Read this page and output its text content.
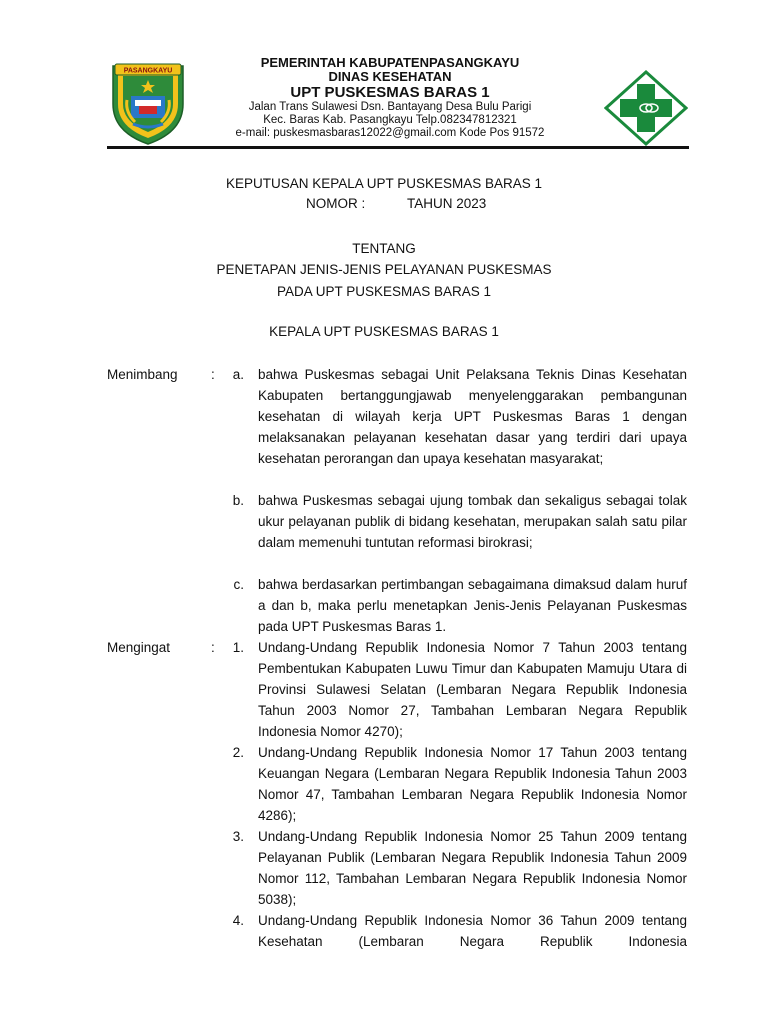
PASANGKAYU
PEMERINTAH KABUPATENPASANGKAYU
DINAS KESEHATAN
UPT PUSKESMAS BARAS 1
Jalan Trans Sulawesi Dsn. Bantayang Desa Bulu Parigi
Kec. Baras Kab. Pasangkayu Telp.082347812321
e-mail: puskesmasbaras12022@gmail.com Kode Pos 91572
KEPUTUSAN KEPALA UPT PUSKESMAS BARAS 1
NOMOR :	TAHUN 2023
TENTANG
PENETAPAN JENIS-JENIS PELAYANAN PUSKESMAS
PADA UPT PUSKESMAS BARAS 1
KEPALA UPT PUSKESMAS BARAS 1
Menimbang :	a. bahwa Puskesmas sebagai Unit Pelaksana Teknis Dinas Kesehatan Kabupaten bertanggungjawab menyelenggarakan pembangunan kesehatan di wilayah kerja UPT Puskesmas Baras 1 dengan melaksanakan pelayanan kesehatan dasar yang terdiri dari upaya kesehatan perorangan dan upaya kesehatan masyarakat;

b. bahwa Puskesmas sebagai ujung tombak dan sekaligus sebagai tolak ukur pelayanan publik di bidang kesehatan, merupakan salah satu pilar dalam memenuhi tuntutan reformasi birokrasi;

c. bahwa berdasarkan pertimbangan sebagaimana dimaksud dalam huruf a dan b, maka perlu menetapkan Jenis-Jenis Pelayanan Puskesmas pada UPT Puskesmas Baras 1.

Mengingat	:	1. Undang-Undang Republik Indonesia Nomor 7 Tahun 2003 tentang Pembentukan Kabupaten Luwu Timur dan Kabupaten Mamuju Utara di Provinsi Sulawesi Selatan (Lembaran Negara Republik Indonesia Tahun 2003 Nomor 27, Tambahan Lembaran Negara Republik Indonesia Nomor 4270);

2. Undang-Undang Republik Indonesia Nomor 17 Tahun 2003 tentang Keuangan Negara (Lembaran Negara Republik Indonesia Tahun 2003 Nomor 47, Tambahan Lembaran Negara Republik Indonesia Nomor 4286);

3. Undang-Undang Republik Indonesia Nomor 25 Tahun 2009 tentang Pelayanan Publik (Lembaran Negara Republik Indonesia Tahun 2009 Nomor 112, Tambahan Lembaran Negara Republik Indonesia Nomor 5038);

4. Undang-Undang Republik Indonesia Nomor 36 Tahun 2009 tentang Kesehatan (Lembaran Negara Republik Indonesia
